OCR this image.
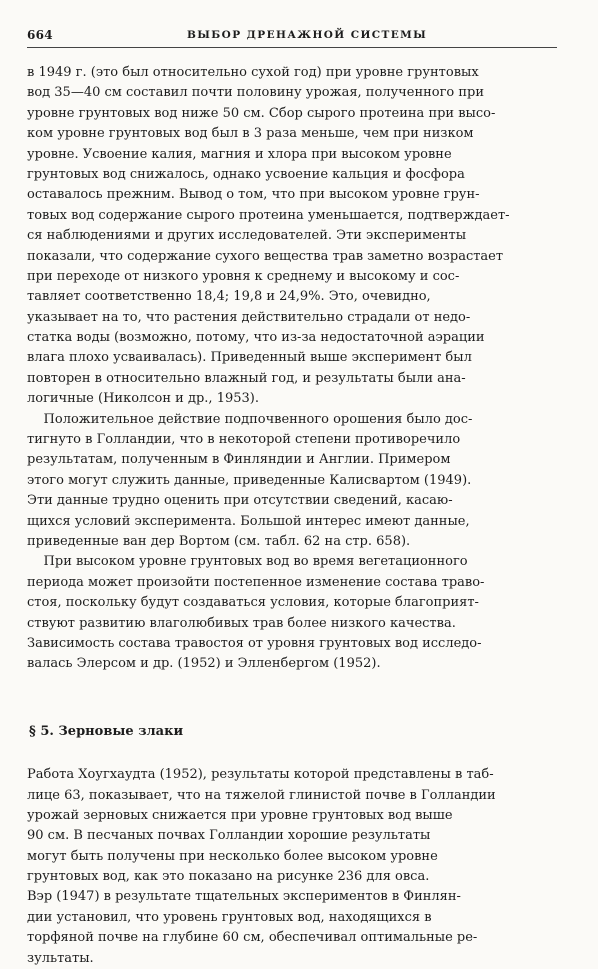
664	ВЫБОР ДРЕНАЖНОЙ СИСТЕМЫ
в 1949 г. (это был относительно сухой год) при уровне грунтовых
вод 35—40 см составил почти половину урожая, полученного при
уровне грунтовых вод ниже 50 см. Сбор сырого протеина при высо-
ком уровне грунтовых вод был в 3 раза меньше, чем при низком
уровне. Усвоение калия, магния и хлора при высоком уровне
грунтовых вод снижалось, однако усвоение кальция и фосфора
оставалось прежним. Вывод о том, что при высоком уровне грун-
товых вод содержание сырого протеина уменьшается, подтверждает-
ся наблюдениями и других исследователей. Эти эксперименты
показали, что содержание сухого вещества трав заметно возрастает
при переходе от низкого уровня к среднему и высокому и сос-
тавляет соответственно 18,4; 19,8 и 24,9%. Это, очевидно,
указывает на то, что растения действительно страдали от недо-
статка воды (возможно, потому, что из-за недостаточной аэрации
влага плохо усваивалась). Приведенный выше эксперимент был
повторен в относительно влажный год, и результаты были ана-
логичные (Николсон и др., 1953).
Положительное действие подпочвенного орошения было дос-
тигнуто в Голландии, что в некоторой степени противоречило
результатам, полученным в Финляндии и Англии. Примером
этого могут служить данные, приведенные Калисвартом (1949).
Эти данные трудно оценить при отсутствии сведений, касаю-
щихся условий эксперимента. Большой интерес имеют данные,
приведенные ван дер Вортом (см. табл. 62 на стр. 658).
При высоком уровне грунтовых вод во время вегетационного
периода может произойти постепенное изменение состава траво-
стоя, поскольку будут создаваться условия, которые благоприят-
ствуют развитию влаголюбивых трав более низкого качества.
Зависимость состава травостоя от уровня грунтовых вод исследо-
валась Элерсом и др. (1952) и Элленбергом (1952).
§ 5. Зерновые злаки
Работа Хоугхаудта (1952), результаты которой представлены в таб-
лице 63, показывает, что на тяжелой глинистой почве в Голландии
урожай зерновых снижается при уровне грунтовых вод выше
90 см. В песчаных почвах Голландии хорошие результаты
могут быть получены при несколько более высоком уровне
грунтовых вод, как это показано на рисунке 236 для овса.
Вэр (1947) в результате тщательных экспериментов в Финлян-
дии установил, что уровень грунтовых вод, находящихся в
торфяной почве на глубине 60 см, обеспечивал оптимальные ре-
зультаты.
